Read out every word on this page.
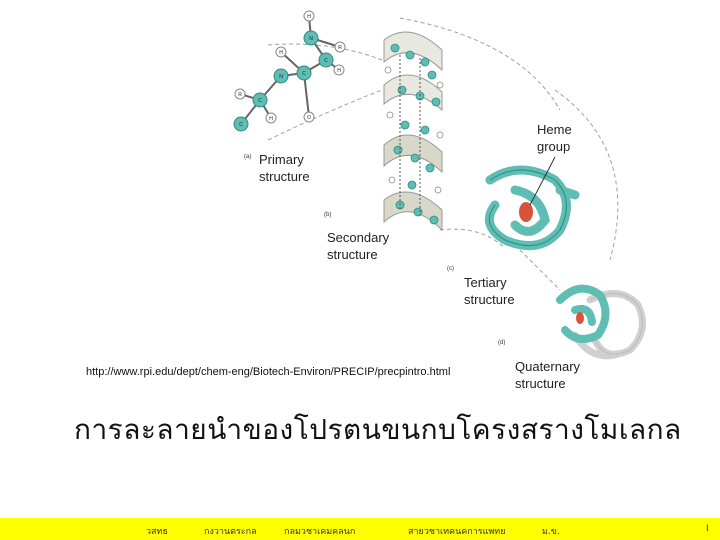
H
N
R
C
H
H
C
N
O
R
C
H
C
(a) Primary
structure
(b)
Secondary
structure
(c)
Tertiary
structure
(d)
Quaternary
structure
Heme
group
http://www.rpi.edu/dept/chem-eng/Biotech-Environ/PRECIP/precpintro.html
การละลายนำของโปรตนขนกบโครงสรางโมเลกล
วสทธ	กงวานตระกล	กลมวชาเคมคลนก	สายวชาเทคนคการแพทย	ม.ข.	I
